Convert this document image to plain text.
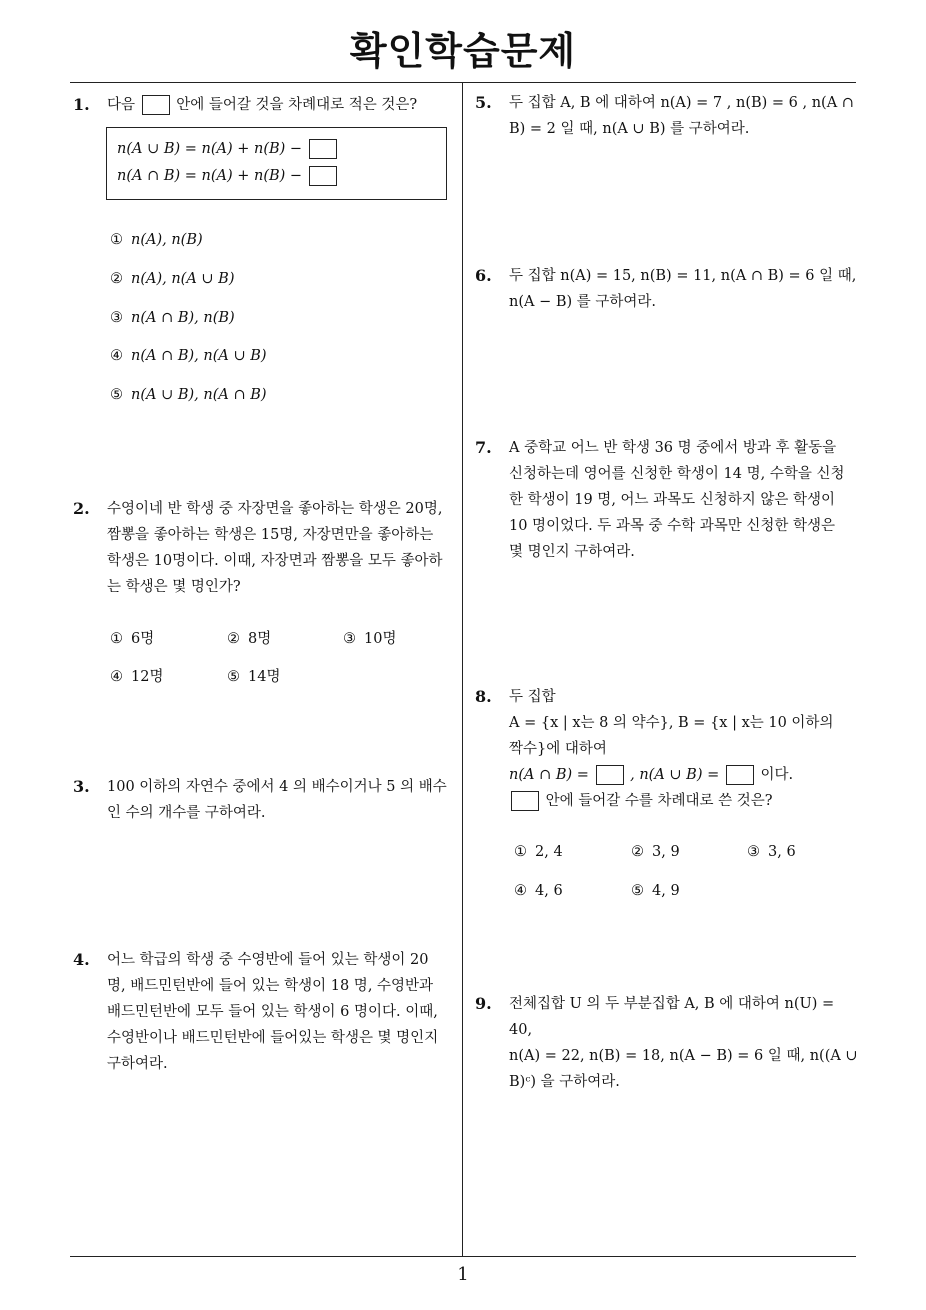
확인학습문제
1
1. 다음	안에 들어갈 것을 차례대로 적은 것은?
n(A ∪ B) = n(A) + n(B) −
n(A ∩ B) = n(A) + n(B) −
① n(A), n(B)
② n(A), n(A ∪ B)
③ n(A ∩ B), n(B)
④ n(A ∩ B), n(A ∪ B)
⑤ n(A ∪ B), n(A ∩ B)
2. 수영이네 반 학생 중 자장면을 좋아하는 학생은 20명,
짬뽕을 좋아하는 학생은 15명, 자장면만을 좋아하는
학생은 10명이다. 이때, 자장면과 짬뽕을 모두 좋아하
는 학생은 몇 명인가?
① 6명	② 8명	③ 10명
④ 12명	⑤ 14명
3. 100 이하의 자연수 중에서 4 의 배수이거나 5 의 배수
인 수의 개수를 구하여라.
4. 어느 학급의 학생 중 수영반에 들어 있는 학생이 20
명, 배드민턴반에 들어 있는 학생이 18 명, 수영반과
배드민턴반에 모두 들어 있는 학생이 6 명이다. 이때,
수영반이나 배드민턴반에 들어있는 학생은 몇 명인지
구하여라.
5. 두 집합 A, B 에 대하여 n(A) = 7 , n(B) = 6 , n(A ∩
B) = 2 일 때, n(A ∪ B) 를 구하여라.
6. 두 집합 n(A) = 15, n(B) = 11, n(A ∩ B) = 6 일 때,
n(A − B) 를 구하여라.
7. A 중학교 어느 반 학생 36 명 중에서 방과 후 활동을
신청하는데 영어를 신청한 학생이 14 명, 수학을 신청
한 학생이 19 명, 어느 과목도 신청하지 않은 학생이
10 명이었다. 두 과목 중 수학 과목만 신청한 학생은
몇 명인지 구하여라.
8. 두 집합
A = {x | x는 8 의 약수}, B = {x | x는 10 이하의
짝수}에 대하여
n(A ∩ B) =	, n(A ∪ B) =	이다.
안에 들어갈 수를 차례대로 쓴 것은?
① 2, 4	② 3, 9	③ 3, 6
④ 4, 6	⑤ 4, 9
9. 전체집합 U 의 두 부분집합 A, B 에 대하여 n(U) =
40,
n(A) = 22, n(B) = 18, n(A − B) = 6 일 때, n((A ∪
B)ᶜ) 을 구하여라.
